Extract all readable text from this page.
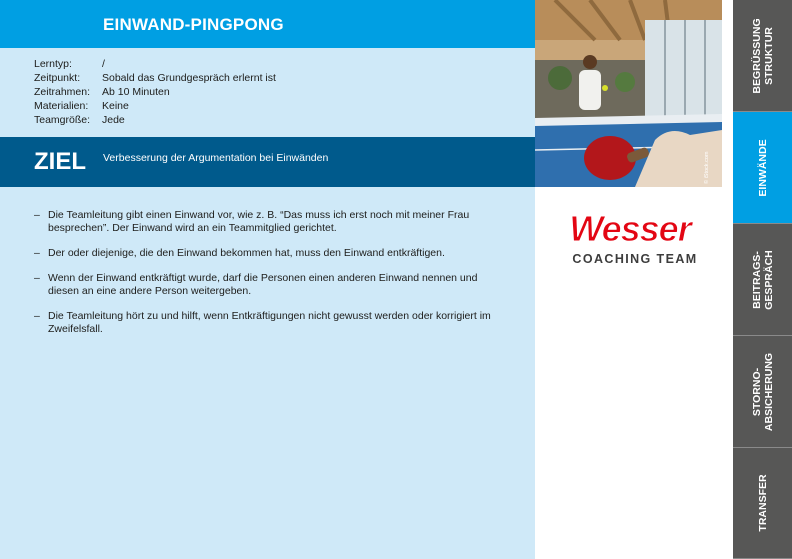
EINWAND-PINGPONG
Lerntyp:	/
Zeitpunkt:	Sobald das Grundgespräch erlernt ist
Zeitrahmen:	Ab 10 Minuten
Materialien:	Keine
Teamgröße:	Jede
ZIEL Verbesserung der Argumentation bei Einwänden
– Die Teamleitung gibt einen Einwand vor, wie z. B. “Das muss ich erst noch mit meiner Frau besprechen”. Der Einwand wird an ein Teammitglied gerichtet.
– Der oder diejenige, die den Einwand bekommen hat, muss den Einwand entkräftigen.
– Wenn der Einwand entkräftigt wurde, darf die Personen einen anderen Einwand nennen und diesen an eine andere Person weitergeben.
– Die Teamleitung hört zu und hilft, wenn Entkräftigungen nicht gewusst werden oder korrigiert im Zweifelsfall.
© iStock.com
Wesser
COACHING TEAM
BEGRÜSSUNG
STRUKTUR
EINWÄNDE
BEITRAGS-
GESPRÄCH
STORNO-
ABSICHERUNG
TRANSFER
